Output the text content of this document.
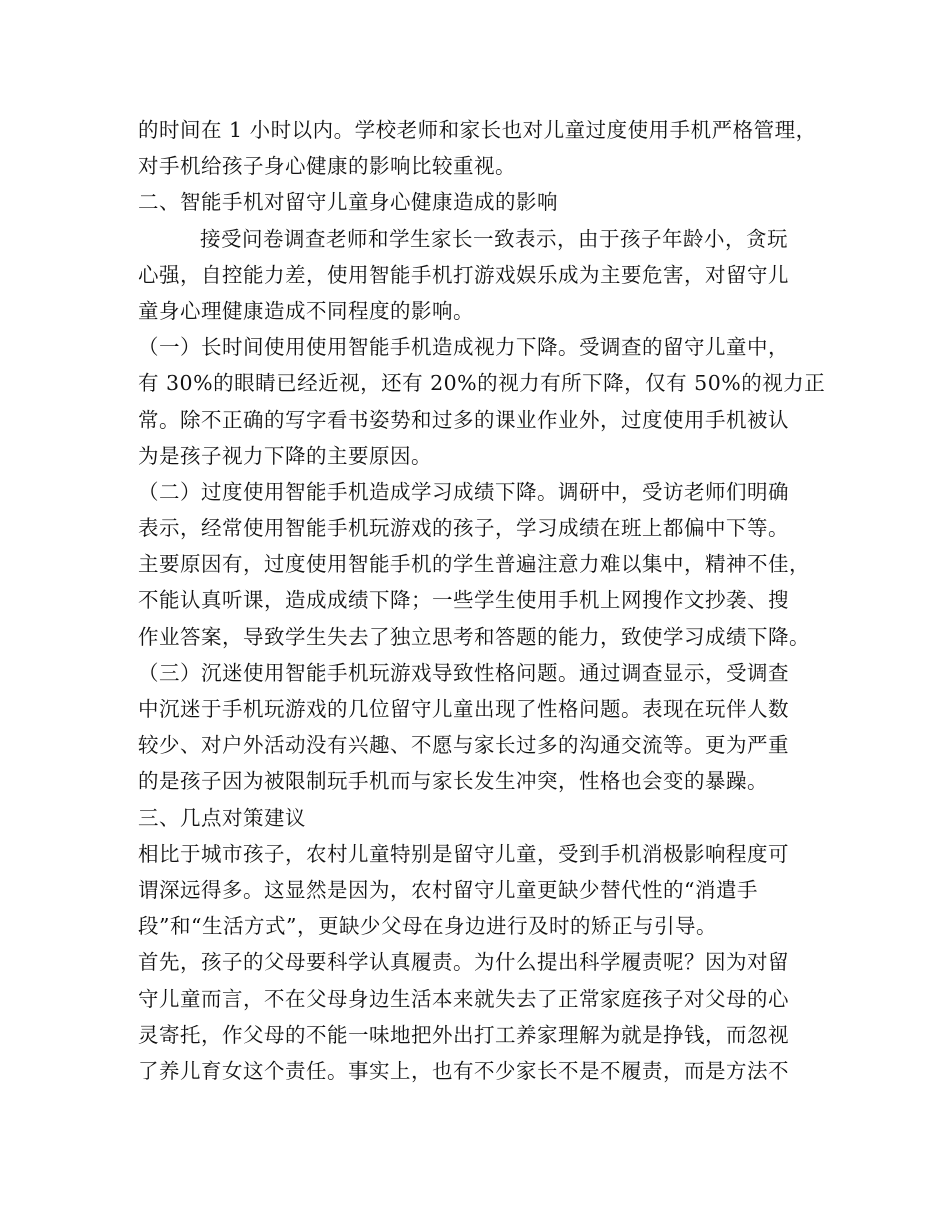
的时间在 1 小时以内。学校老师和家长也对儿童过度使用手机严格管理，
对手机给孩子身心健康的影响比较重视。
二、智能手机对留守儿童身心健康造成的影响
接受问卷调查老师和学生家长一致表示，由于孩子年龄小，贪玩
心强，自控能力差，使用智能手机打游戏娱乐成为主要危害，对留守儿
童身心理健康造成不同程度的影响。
（一）长时间使用使用智能手机造成视力下降。受调查的留守儿童中，
有 30%的眼睛已经近视，还有 20%的视力有所下降，仅有 50%的视力正
常。除不正确的写字看书姿势和过多的课业作业外，过度使用手机被认
为是孩子视力下降的主要原因。
（二）过度使用智能手机造成学习成绩下降。调研中，受访老师们明确
表示，经常使用智能手机玩游戏的孩子，学习成绩在班上都偏中下等。
主要原因有，过度使用智能手机的学生普遍注意力难以集中，精神不佳，
不能认真听课，造成成绩下降；一些学生使用手机上网搜作文抄袭、搜
作业答案，导致学生失去了独立思考和答题的能力，致使学习成绩下降。
（三）沉迷使用智能手机玩游戏导致性格问题。通过调查显示，受调查
中沉迷于手机玩游戏的几位留守儿童出现了性格问题。表现在玩伴人数
较少、对户外活动没有兴趣、不愿与家长过多的沟通交流等。更为严重
的是孩子因为被限制玩手机而与家长发生冲突，性格也会变的暴躁。
三、几点对策建议
相比于城市孩子，农村儿童特别是留守儿童，受到手机消极影响程度可
谓深远得多。这显然是因为，农村留守儿童更缺少替代性的“消遣手
段”和“生活方式”，更缺少父母在身边进行及时的矫正与引导。
首先，孩子的父母要科学认真履责。为什么提出科学履责呢？因为对留
守儿童而言，不在父母身边生活本来就失去了正常家庭孩子对父母的心
灵寄托，作父母的不能一味地把外出打工养家理解为就是挣钱，而忽视
了养儿育女这个责任。事实上，也有不少家长不是不履责，而是方法不
